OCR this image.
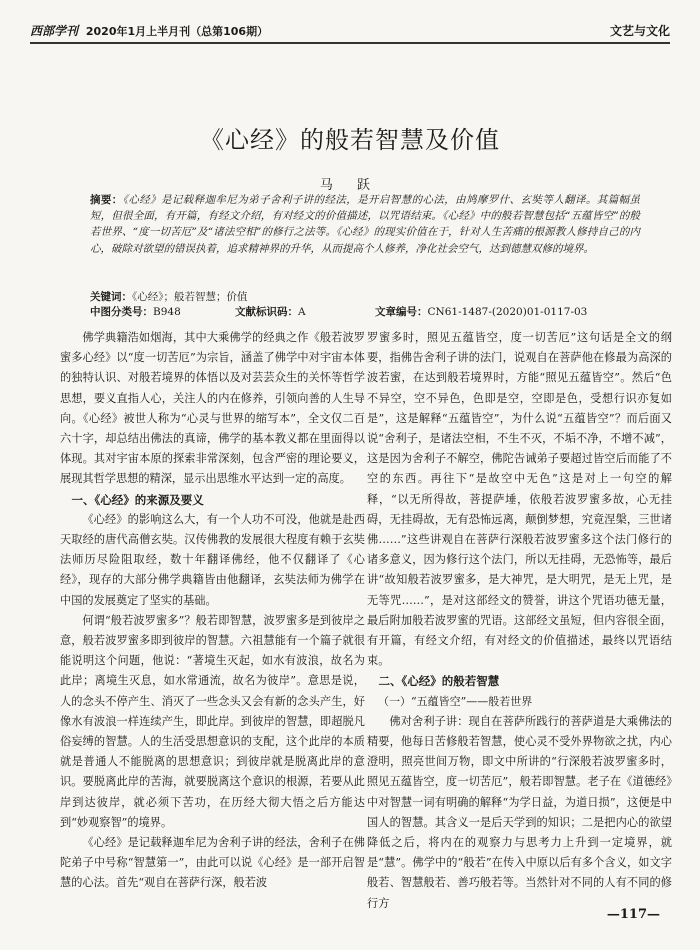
西部学刊 2020年1月上半月刊（总第106期）	文艺与文化
《心经》的般若智慧及价值
马 跃
摘要：《心经》是记载释迦牟尼为弟子舍利子讲的经法，是开启智慧的心法，由鸠摩罗什、玄奘等人翻译。其篇幅虽短，但很全面，有开篇，有经文介绍，有对经文的价值描述，以咒语结束。《心经》中的般若智慧包括“五蕴皆空”的般若世界、“度一切苦厄”及“诸法空相”的修行之法等。《心经》的现实价值在于，针对人生苦痛的根源教人修持自己的内心，破除对欲望的错误执着，追求精神界的升华，从而提高个人修养，净化社会空气，达到德慧双修的境界。
关键词：《心经》；般若智慧；价值
中图分类号：B948	文献标识码：A	文章编号：CN61-1487-(2020)01-0117-03

佛学典籍浩如烟海，其中大乘佛学的经典之作《般若波罗蜜多心经》以“度一切苦厄”为宗旨，涵盖了佛学中对宇宙本体的独特认识、对般若境界的体悟以及对芸芸众生的关怀等哲学思想，要义直指人心，关注人的内在修养，引领向善的人生导向。《心经》被世人称为“心灵与世界的缩写本”，全文仅二百六十字，却总结出佛法的真谛，佛学的基本教义都在里面得以体现。其对宇宙本原的探索非常深刻，包含严密的理论要义，展现其哲学思想的精深，显示出思维水平达到一定的高度。

一、《心经》的来源及要义

《心经》的影响这么大，有一个人功不可没，他就是赴西天取经的唐代高僧玄奘。汉传佛教的发展很大程度有赖于玄奘法师历尽险阻取经，数十年翻译佛经，他不仅翻译了《心经》，现存的大部分佛学典籍皆由他翻译，玄奘法师为佛学在中国的发展奠定了坚实的基础。

何谓“般若波罗蜜多”？般若即智慧，波罗蜜多是到彼岸之意，般若波罗蜜多即到彼岸的智慧。六祖慧能有一个篇子就很能说明这个问题，他说：“著境生灭起，如水有波浪，故名为此岸；离境生灭息，如水常通流，故名为彼岸”。意思是说，人的念头不停产生、消灭了一些念头又会有新的念头产生，好像水有波浪一样连续产生，即此岸。到彼岸的智慧，即超脱凡俗妄缚的智慧。人的生活受思想意识的支配，这个此岸的本质就是普通人不能脱离的思想意识；到彼岸就是脱离此岸的意识。要脱离此岸的苦海，就要脱离这个意识的根源，若要从此岸到达彼岸，就必须下苦功，在历经大彻大悟之后方能达到“妙观察智”的境界。

《心经》是记载释迦牟尼为舍利子讲的经法，舍利子在佛陀弟子中号称“智慧第一”，由此可以说《心经》是一部开启智慧的心法。首先“观自在菩萨行深，般若波

罗蜜多时，照见五蕴皆空，度一切苦厄”这句话是全文的纲要，指佛告舍利子讲的法门，说观自在菩萨他在修最为高深的波若蜜，在达到般若境界时，方能“照见五蕴皆空”。然后“色不异空，空不异色，色即是空，空即是色，受想行识亦复如是”，这是解释“五蕴皆空”，为什么说“五蕴皆空”？而后面又说“舍利子，是诸法空相，不生不灭，不垢不净，不增不减”，这是因为舍利子不解空，佛陀告诫弟子要超过皆空后而能了不空的东西。再往下“是故空中无色”这是对上一句空的解释，“以无所得故，菩提萨埵，依般若波罗蜜多故，心无挂碍，无挂碍故，无有恐怖远离，颠倒梦想，究竟涅槃，三世诸佛……”这些讲观自在菩萨行深般若波罗蜜多这个法门修行的诸多意义，因为修行这个法门，所以无挂碍，无恐怖等，最后讲“故知般若波罗蜜多，是大神咒，是大明咒，是无上咒，是无等咒……”，是对这部经文的赞誉，讲这个咒语功德无量，最后附加般若波罗蜜的咒语。这部经文虽短，但内容很全面，有开篇，有经文介绍，有对经文的价值描述，最终以咒语结束。

二、《心经》的般若智慧
（一）“五蕴皆空”——般若世界

佛对舍利子讲：现自在菩萨所践行的菩萨道是大乘佛法的精要，他每日苦修般若智慧，使心灵不受外界物欲之扰，内心澄明，照亮世间万物，即文中所讲的“行深般若波罗蜜多时，照见五蕴皆空，度一切苦厄”，般若即智慧。老子在《道德经》中对智慧一词有明确的解释“为学日益，为道日损”，这便是中国人的智慧。其含义一是后天学到的知识；二是把内心的欲望降低之后，将内在的观察力与思考力上升到一定境界，就是“慧”。佛学中的“般若”在传入中原以后有多个含义，如文字般若、智慧般若、善巧般若等。当然针对不同的人有不同的修行方

—117—
